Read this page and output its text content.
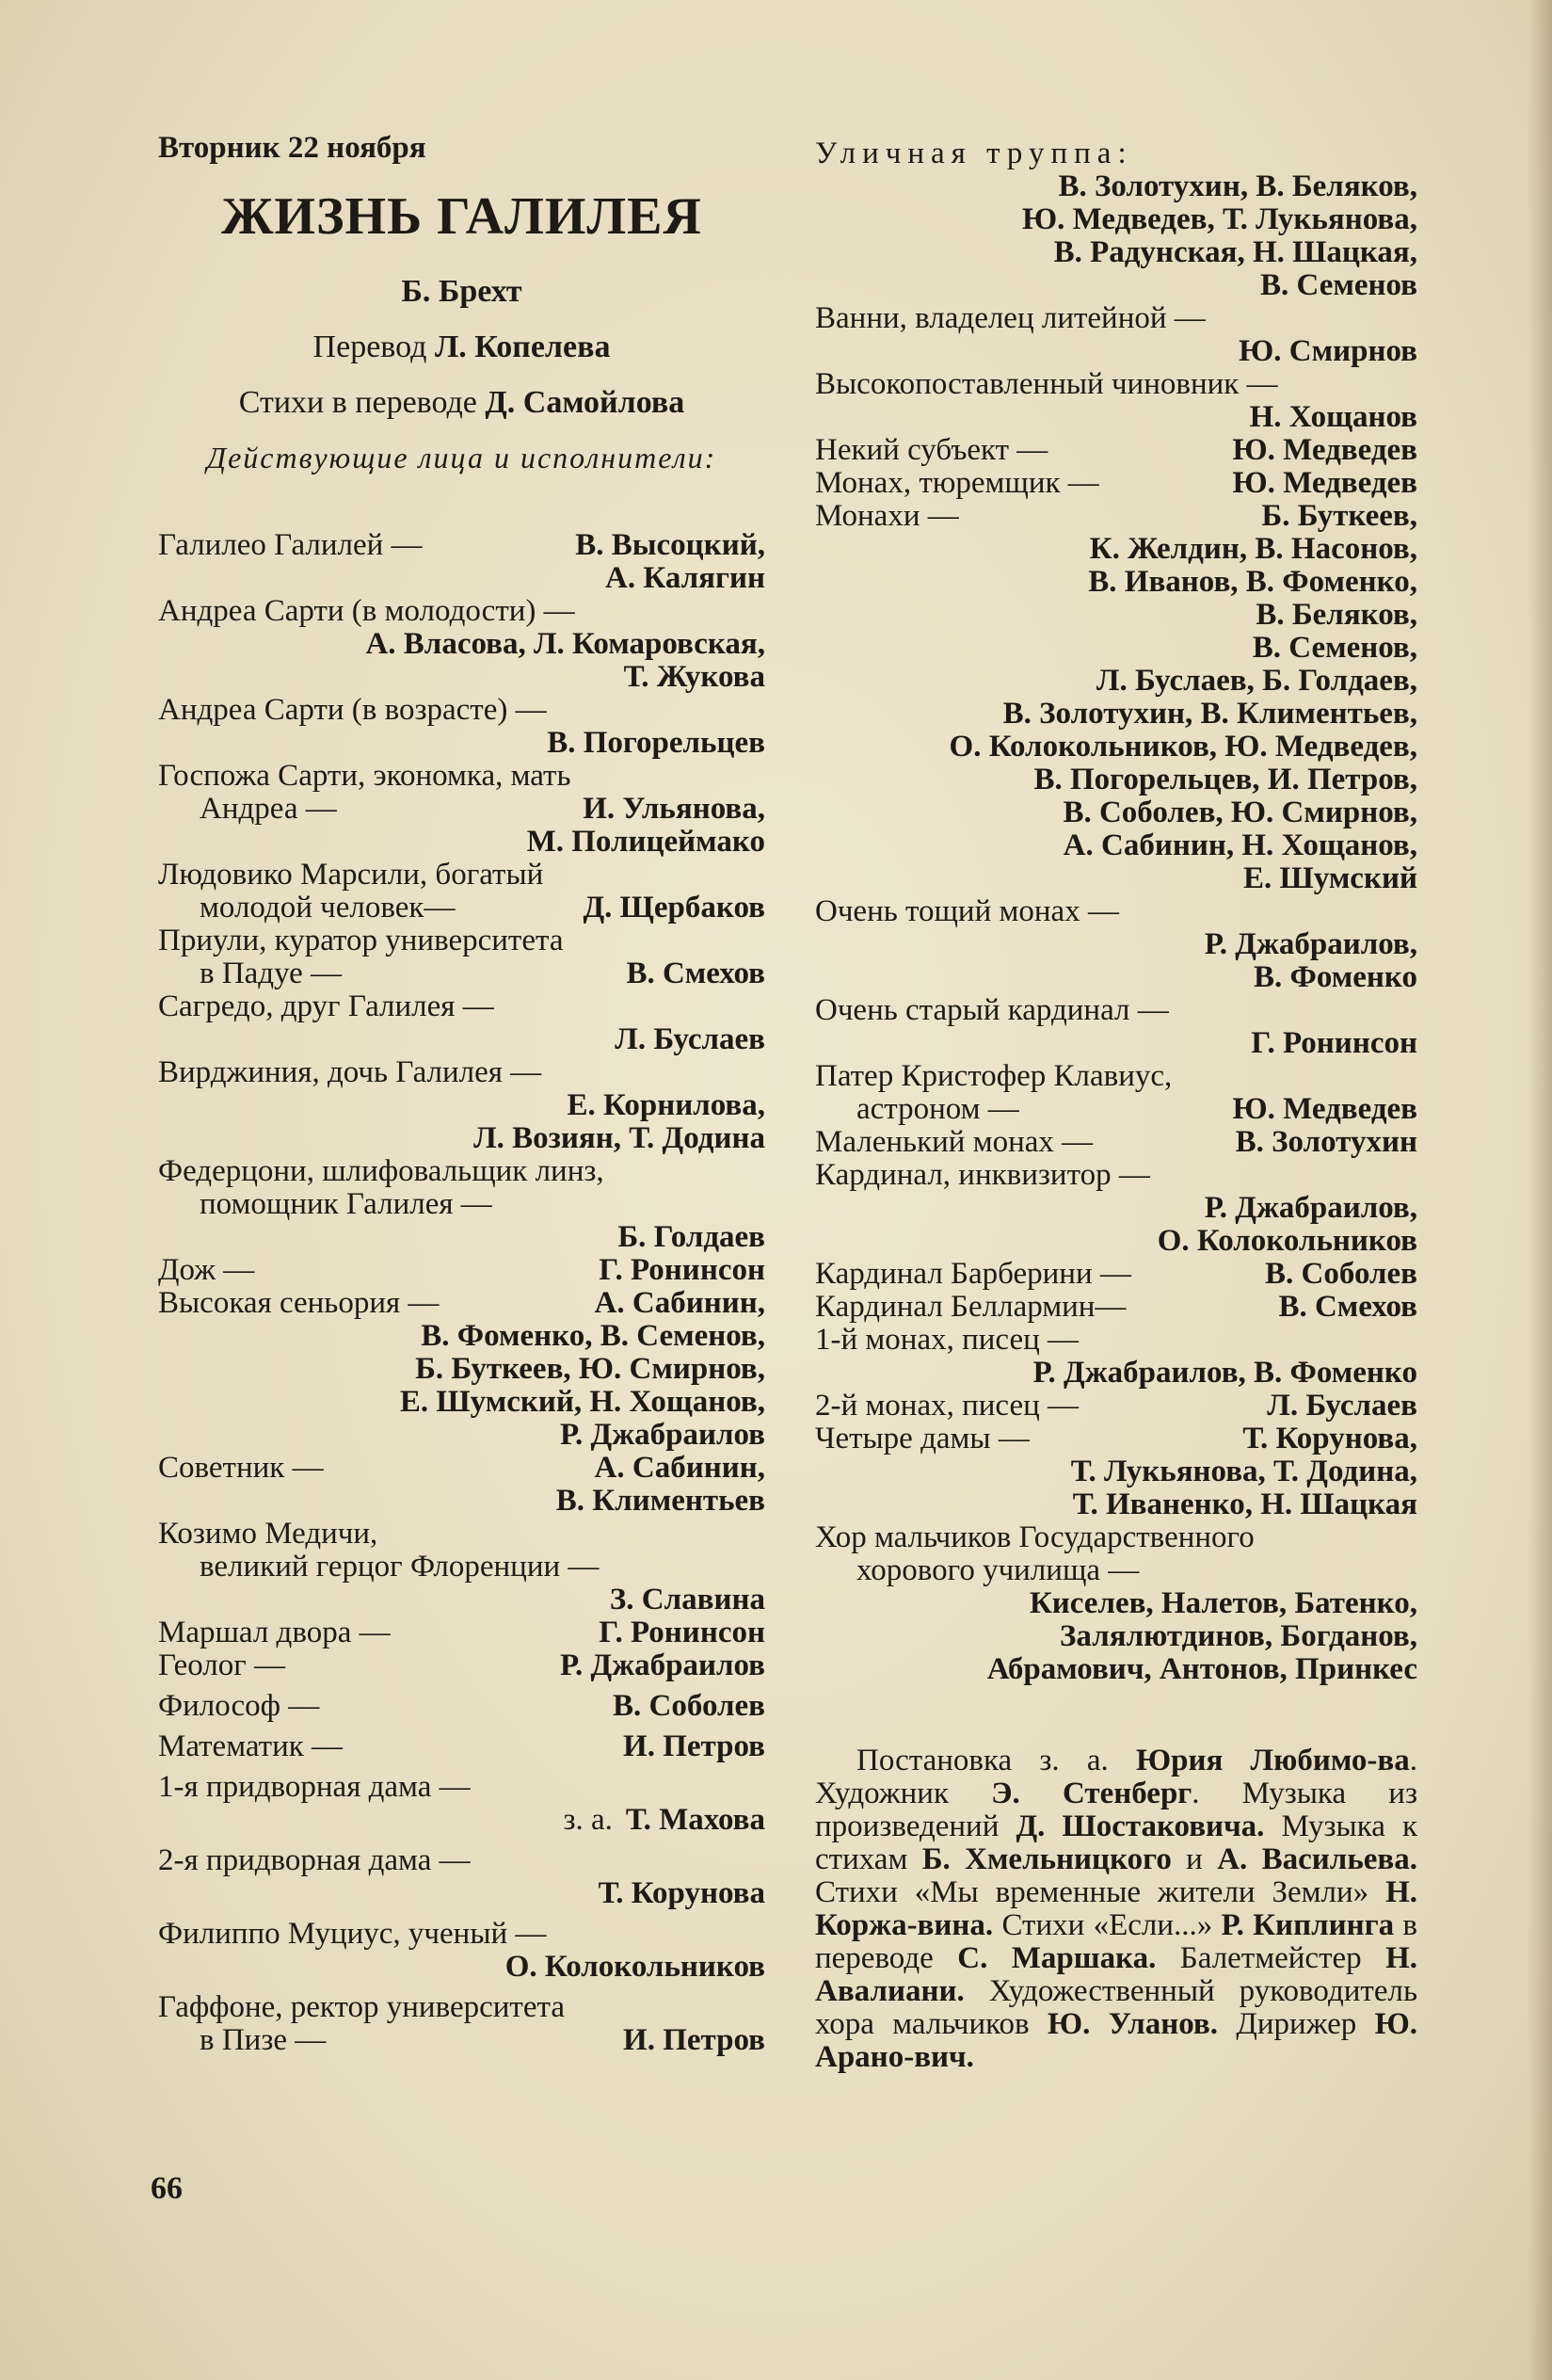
Вторник 22 ноября
ЖИЗНЬ ГАЛИЛЕЯ
Б. Брехт
Перевод Л. Копелева
Стихи в переводе Д. Самойлова
Действующие лица и исполнители:
Галилео Галилей —	В. Высоцкий,
А. Калягин
Андреа Сарти (в молодости) —
А. Власова, Л. Комаровская,
Т. Жукова
Андреа Сарти (в возрасте) —
В. Погорельцев
Госпожа Сарти, экономка, мать
Андреа —	И. Ульянова,
М. Полицеймако
Людовико Марсили, богатый
молодой человек—	Д. Щербаков
Приули, куратор университета
в Падуе —	В. Смехов
Сагредо, друг Галилея —
Л. Буслаев
Вирджиния, дочь Галилея —
Е. Корнилова,
Л. Возиян, Т. Додина
Федерцони, шлифовальщик линз,
помощник Галилея —
Б. Голдаев
Дож —	Г. Ронинсон
Высокая сеньория —	А. Сабинин,
В. Фоменко, В. Семенов,
Б. Буткеев, Ю. Смирнов,
Е. Шумский, Н. Хощанов,
Р. Джабраилов
Советник —	А. Сабинин,
В. Климентьев
Козимо Медичи,
великий герцог Флоренции —
З. Славина
Маршал двора —	Г. Ронинсон
Геолог —	Р. Джабраилов
Философ —	В. Соболев
Математик —	И. Петров
1-я придворная дама —
з. а. Т. Махова
2-я придворная дама —
Т. Корунова
Филиппо Муциус, ученый —
О. Колокольников
Гаффоне, ректор университета
в Пизе —	И. Петров
Уличная труппа:
В. Золотухин, В. Беляков,
Ю. Медведев, Т. Лукьянова,
В. Радунская, Н. Шацкая,
В. Семенов
Ванни, владелец литейной —
Ю. Смирнов
Высокопоставленный чиновник —
Н. Хощанов
Некий субъект —	Ю. Медведев
Монах, тюремщик —	Ю. Медведев
Монахи —	Б. Буткеев,
К. Желдин, В. Насонов,
В. Иванов, В. Фоменко,
В. Беляков,
В. Семенов,
Л. Буслаев, Б. Голдаев,
В. Золотухин, В. Климентьев,
О. Колокольников, Ю. Медведев,
В. Погорельцев, И. Петров,
В. Соболев, Ю. Смирнов,
А. Сабинин, Н. Хощанов,
Е. Шумский
Очень тощий монах —
Р. Джабраилов,
В. Фоменко
Очень старый кардинал —
Г. Ронинсон
Патер Кристофер Клавиус,
астроном —	Ю. Медведев
Маленький монах —	В. Золотухин
Кардинал, инквизитор —
Р. Джабраилов,
О. Колокольников
Кардинал Барберини —	В. Соболев
Кардинал Беллармин—	В. Смехов
1-й монах, писец —
Р. Джабраилов, В. Фоменко
2-й монах, писец —	Л. Буслаев
Четыре дамы —	Т. Корунова,
Т. Лукьянова, Т. Додина,
Т. Иваненко, Н. Шацкая
Хор мальчиков Государственного
хорового училища —
Киселев, Налетов, Батенко,
Залялютдинов, Богданов,
Абрамович, Антонов, Принкес
Постановка з. а. Юрия Любимо-ва. Художник Э. Стенберг. Музыка из произведений Д. Шостаковича. Музыка к стихам Б. Хмельницкого и А. Васильева. Стихи «Мы временные жители Земли» Н. Коржа-вина. Стихи «Если...» Р. Киплинга в переводе С. Маршака. Балетмейстер Н. Авалиани. Художественный руководитель хора мальчиков Ю. Уланов. Дирижер Ю. Арано-вич.
66
